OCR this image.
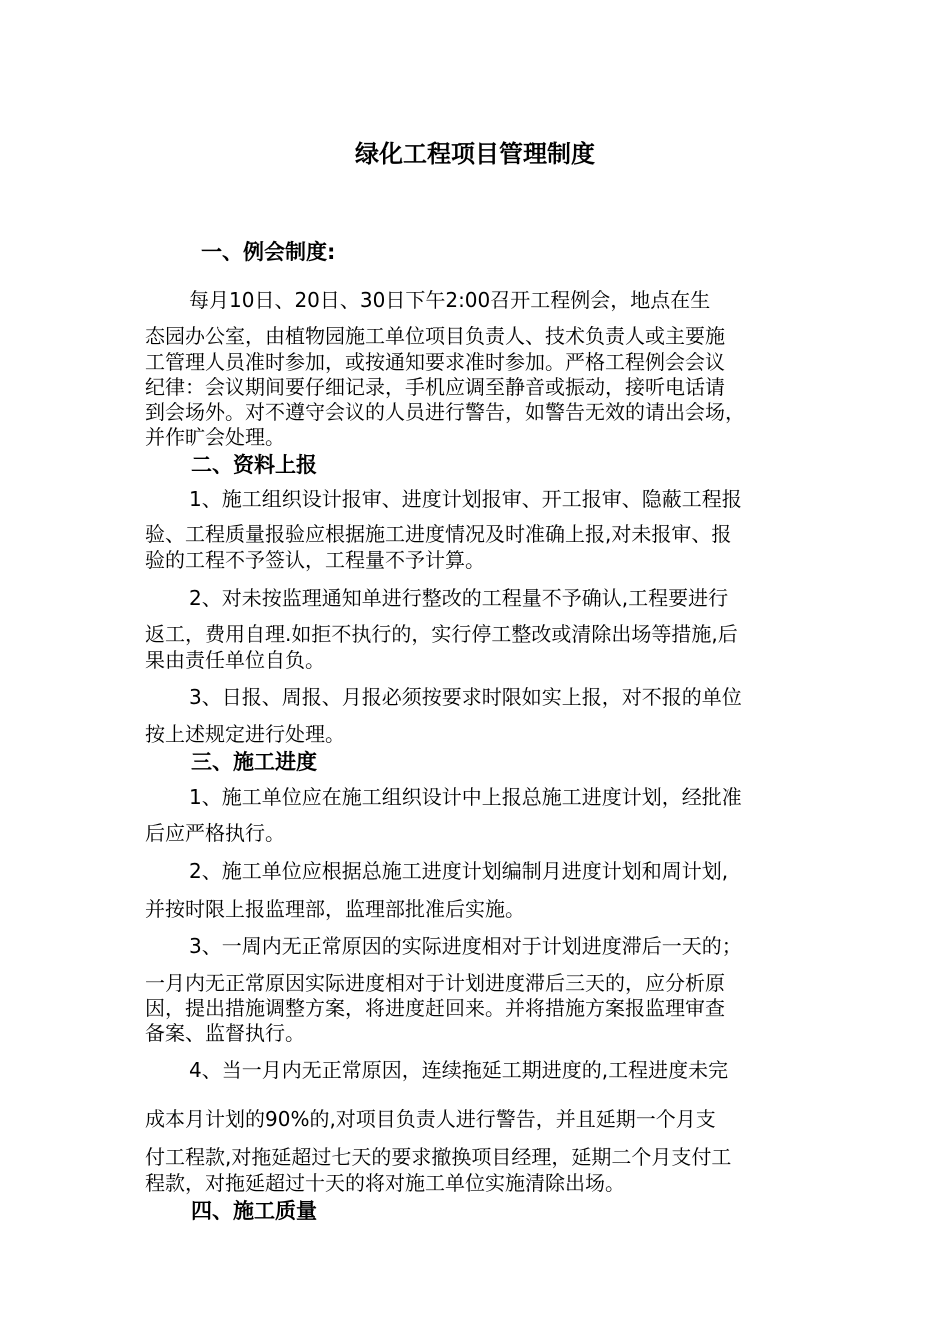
绿化工程项目管理制度
一、例会制度:
每月10日、20日、30日下午2:00召开工程例会，地点在生
态园办公室，由植物园施工单位项目负责人、技术负责人或主要施
工管理人员准时参加，或按通知要求准时参加。严格工程例会会议
纪律：会议期间要仔细记录，手机应调至静音或振动，接听电话请
到会场外。对不遵守会议的人员进行警告，如警告无效的请出会场，
并作旷会处理。
二、资料上报
1、施工组织设计报审、进度计划报审、开工报审、隐蔽工程报
验、工程质量报验应根据施工进度情况及时准确上报,对未报审、报
验的工程不予签认，工程量不予计算。
2、对未按监理通知单进行整改的工程量不予确认,工程要进行
返工，费用自理.如拒不执行的，实行停工整改或清除出场等措施,后
果由责任单位自负。
3、日报、周报、月报必须按要求时限如实上报，对不报的单位
按上述规定进行处理。
三、施工进度
1、施工单位应在施工组织设计中上报总施工进度计划，经批准
后应严格执行。
2、施工单位应根据总施工进度计划编制月进度计划和周计划,
并按时限上报监理部，监理部批准后实施。
3、一周内无正常原因的实际进度相对于计划进度滞后一天的；
一月内无正常原因实际进度相对于计划进度滞后三天的，应分析原
因，提出措施调整方案，将进度赶回来。并将措施方案报监理审查
备案、监督执行。
4、当一月内无正常原因，连续拖延工期进度的,工程进度未完
成本月计划的90%的,对项目负责人进行警告，并且延期一个月支
付工程款,对拖延超过七天的要求撤换项目经理，延期二个月支付工
程款，对拖延超过十天的将对施工单位实施清除出场。
四、施工质量
